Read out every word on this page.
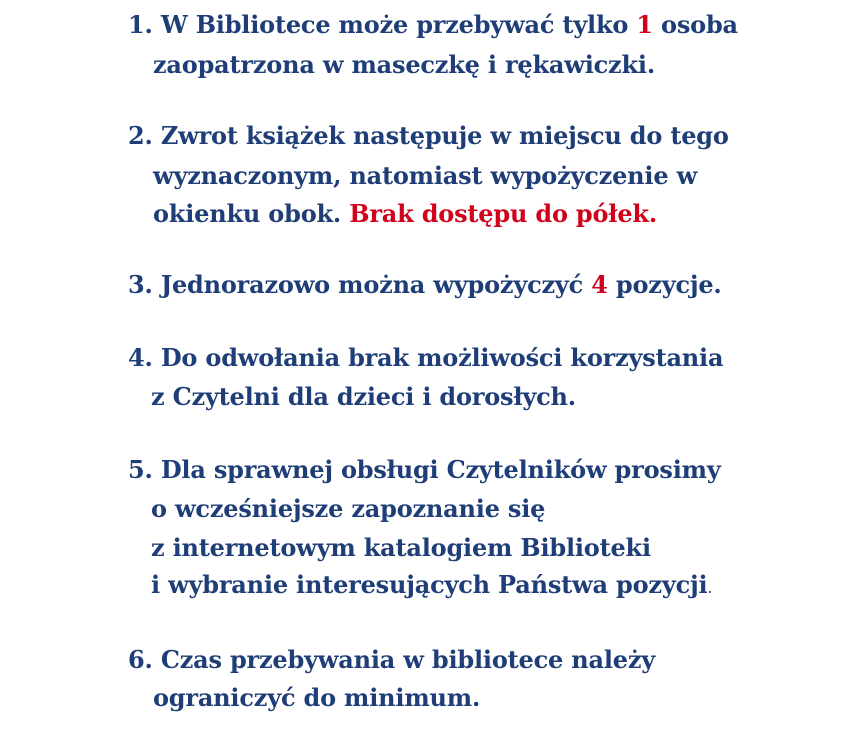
1. W Bibliotece może przebywać tylko 1 osoba
zaopatrzona w maseczkę i rękawiczki.
2. Zwrot książek następuje w miejscu do tego
wyznaczonym, natomiast wypożyczenie w
okienku obok. Brak dostępu do półek.
3. Jednorazowo można wypożyczyć 4 pozycje.
4. Do odwołania brak możliwości korzystania
z Czytelni dla dzieci i dorosłych.
5. Dla sprawnej obsługi Czytelników prosimy
o wcześniejsze zapoznanie się
z internetowym katalogiem Biblioteki
i wybranie interesujących Państwa pozycji.
6. Czas przebywania w bibliotece należy
ograniczyć do minimum.
